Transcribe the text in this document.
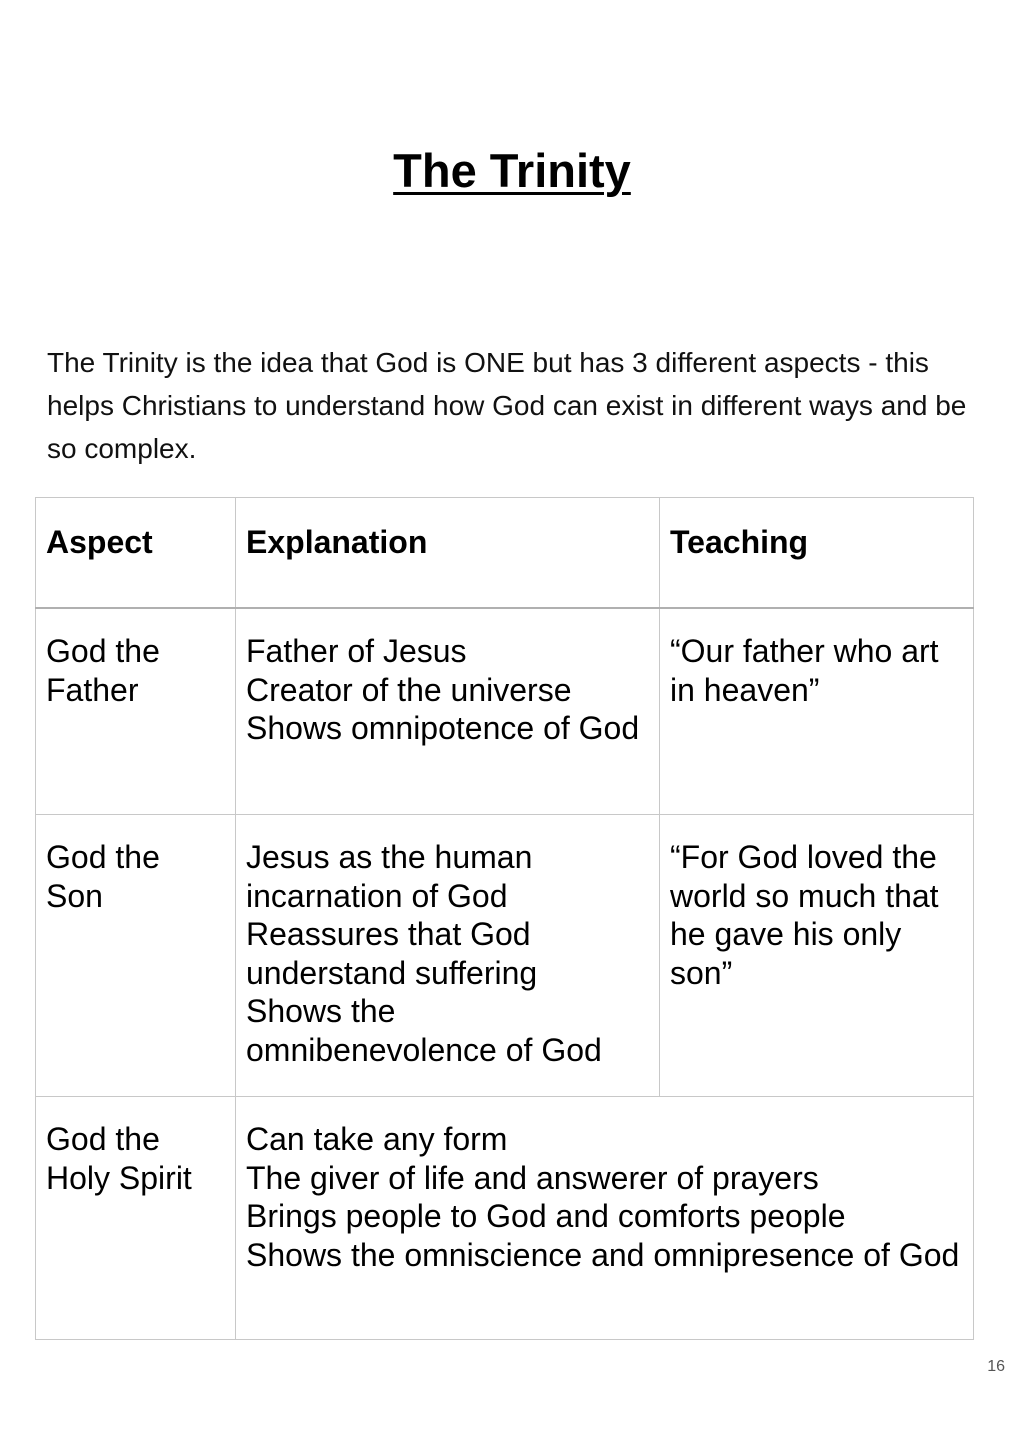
The Trinity

The Trinity is the idea that God is ONE but has 3 different aspects - this helps Christians to understand how God can exist in different ways and be so complex.

Aspect	Explanation	Teaching

God the
Father	Father of Jesus
Creator of the universe
Shows omnipotence of God	“Our father who art in heaven”

God the
Son	Jesus as the human incarnation of God
Reassures that God understand suffering
Shows the omnibenevolence of God	“For God loved the world so much that he gave his only son”

God the
Holy Spirit	Can take any form
The giver of life and answerer of prayers
Brings people to God and comforts people
Shows the omniscience and omnipresence of God	
16
